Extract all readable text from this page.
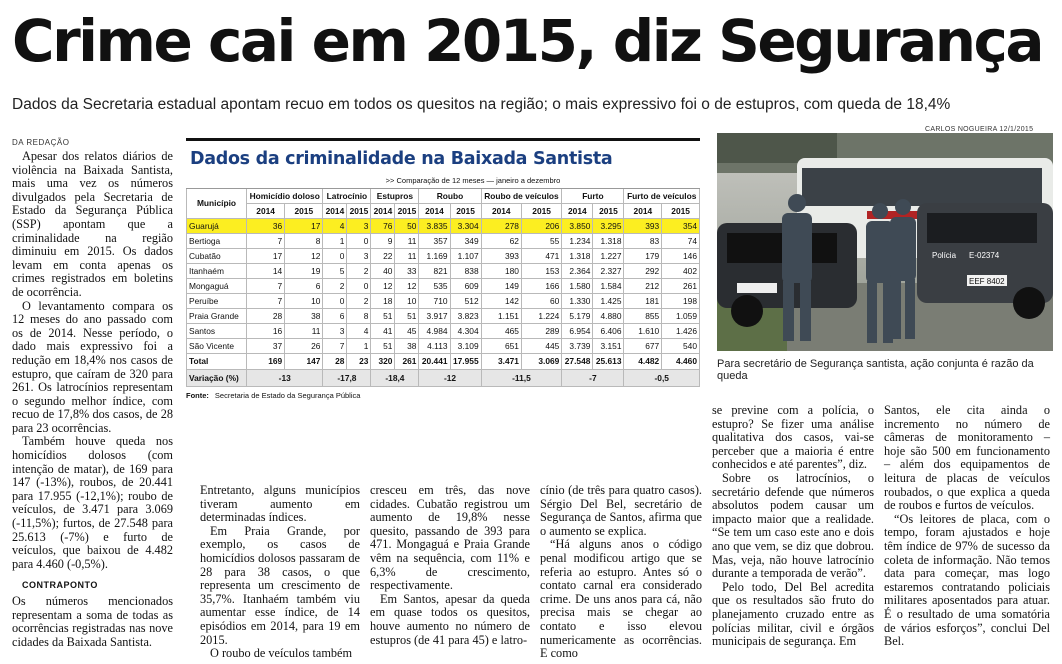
Crime cai em 2015, diz Segurança
Dados da Secretaria estadual apontam recuo em todos os quesitos na região; o mais expressivo foi o de estupros, com queda de 18,4%
DA REDAÇÃO

Apesar dos relatos diários de violência na Baixada Santista, mais uma vez os números divulgados pela Secretaria de Estado da Segurança Pública (SSP) apontam que a criminalidade na região diminuiu em 2015. Os dados levam em conta apenas os crimes registrados em boletins de ocorrência.

O levantamento compara os 12 meses do ano passado com os de 2014. Nesse período, o dado mais expressivo foi a redução em 18,4% nos casos de estupro, que caíram de 320 para 261. Os latrocínios representam o segundo melhor índice, com recuo de 17,8% dos casos, de 28 para 23 ocorrências.

Também houve queda nos homicídios dolosos (com intenção de matar), de 169 para 147 (-13%), roubos, de 20.441 para 17.955 (-12,1%); roubo de veículos, de 3.471 para 3.069 (-11,5%); furtos, de 27.548 para 25.613 (-7%) e furto de veículos, que baixou de 4.482 para 4.460 (-0,5%).

CONTRAPONTO

Os números mencionados representam a soma de todas as ocorrências registradas nas nove cidades da Baixada Santista.

Dados da criminalidade na Baixada Santista
	>> Comparação de 12 meses — janeiro a dezembro													
Município	Homicídio doloso		Latrocínio		Estupros		Roubo		Roubo de veículos		Furto		Furto de veículos	
	2014	2015	2014	2015	2014	2015	2014	2015	2014	2015	2014	2015	2014	2015
Guarujá	36	17	4	3	76	50	3.835	3.304	278	206	3.850	3.295	393	354
Bertioga	7	8	1	0	9	11	357	349	62	55	1.234	1.318	83	74
Cubatão	17	12	0	3	22	11	1.169	1.107	393	471	1.318	1.227	179	146
Itanhaém	14	19	5	2	40	33	821	838	180	153	2.364	2.327	292	402
Mongaguá	7	6	2	0	12	12	535	609	149	166	1.580	1.584	212	261
Peruíbe	7	10	0	2	18	10	710	512	142	60	1.330	1.425	181	198
Praia Grande	28	38	6	8	51	51	3.917	3.823	1.151	1.224	5.179	4.880	855	1.059
Santos	16	11	3	4	41	45	4.984	4.304	465	289	6.954	6.406	1.610	1.426
São Vicente	37	26	7	1	51	38	4.113	3.109	651	445	3.739	3.151	677	540
Total	169	147	28	23	320	261	20.441	17.955	3.471	3.069	27.548	25.613	4.482	4.460
Variação (%)	-13		-17,8		-18,4		-12		-11,5		-7		-0,5	
Fonte: Secretaria de Estado da Segurança Pública
CARLOS NOGUEIRA 12/1/2015
Polícia E-02374
EEF 8402
Para secretário de Segurança santista, ação conjunta é razão da queda

Entretanto, alguns municípios tiveram aumento em determinadas índices.

Em Praia Grande, por exemplo, os casos de homicídios dolosos passaram de 28 para 38 casos, o que representa um crescimento de 35,7%. Itanhaém também viu aumentar esse índice, de 14 episódios em 2014, para 19 em 2015.

O roubo de veículos também

cresceu em três, das nove cidades. Cubatão registrou um aumento de 19,8% nesse quesito, passando de 393 para 471. Mongaguá e Praia Grande vêm na sequência, com 11% e 6,3% de crescimento, respectivamente.

Em Santos, apesar da queda em quase todos os quesitos, houve aumento no número de estupros (de 41 para 45) e latro-

cínio (de três para quatro casos). Sérgio Del Bel, secretário de Segurança de Santos, afirma que o aumento se explica.

“Há alguns anos o código penal modificou artigo que se referia ao estupro. Antes só o contato carnal era considerado crime. De uns anos para cá, não precisa mais se chegar ao contato e isso elevou numericamente as ocorrências. E como

se previne com a polícia, o estupro? Se fizer uma análise qualitativa dos casos, vai-se perceber que a maioria é entre conhecidos e até parentes”, diz.

Sobre os latrocínios, o secretário defende que números absolutos podem causar um impacto maior que a realidade. “Se tem um caso este ano e dois ano que vem, se diz que dobrou. Mas, veja, não houve latrocínio durante a temporada de verão”.

Pelo todo, Del Bel acredita que os resultados são fruto do planejamento cruzado entre as polícias militar, civil e órgãos municipais de segurança. Em

Santos, ele cita ainda o incremento no número de câmeras de monitoramento – hoje são 500 em funcionamento – além dos equipamentos de leitura de placas de veículos roubados, o que explica a queda de roubos e furtos de veículos.

“Os leitores de placa, com o tempo, foram ajustados e hoje têm índice de 97% de sucesso da coleta de informação. Não temos data para começar, mas logo estaremos contratando policiais militares aposentados para atuar. É o resultado de uma somatória de vários esforços”, conclui Del Bel.
